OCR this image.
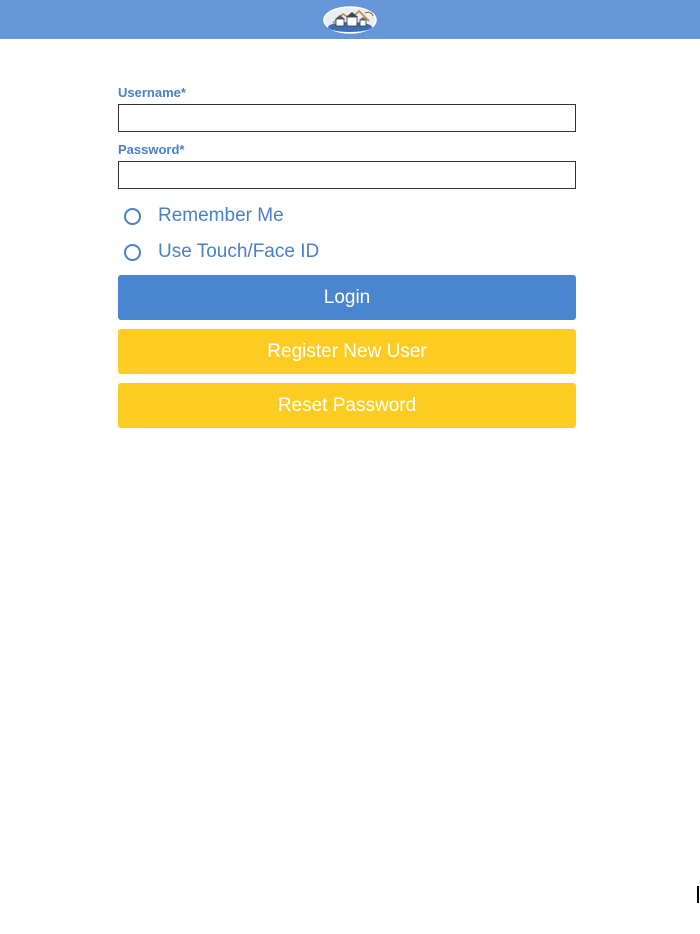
Username*
Password*
Remember Me
Use Touch/Face ID
Login
Register New User
Reset Password
